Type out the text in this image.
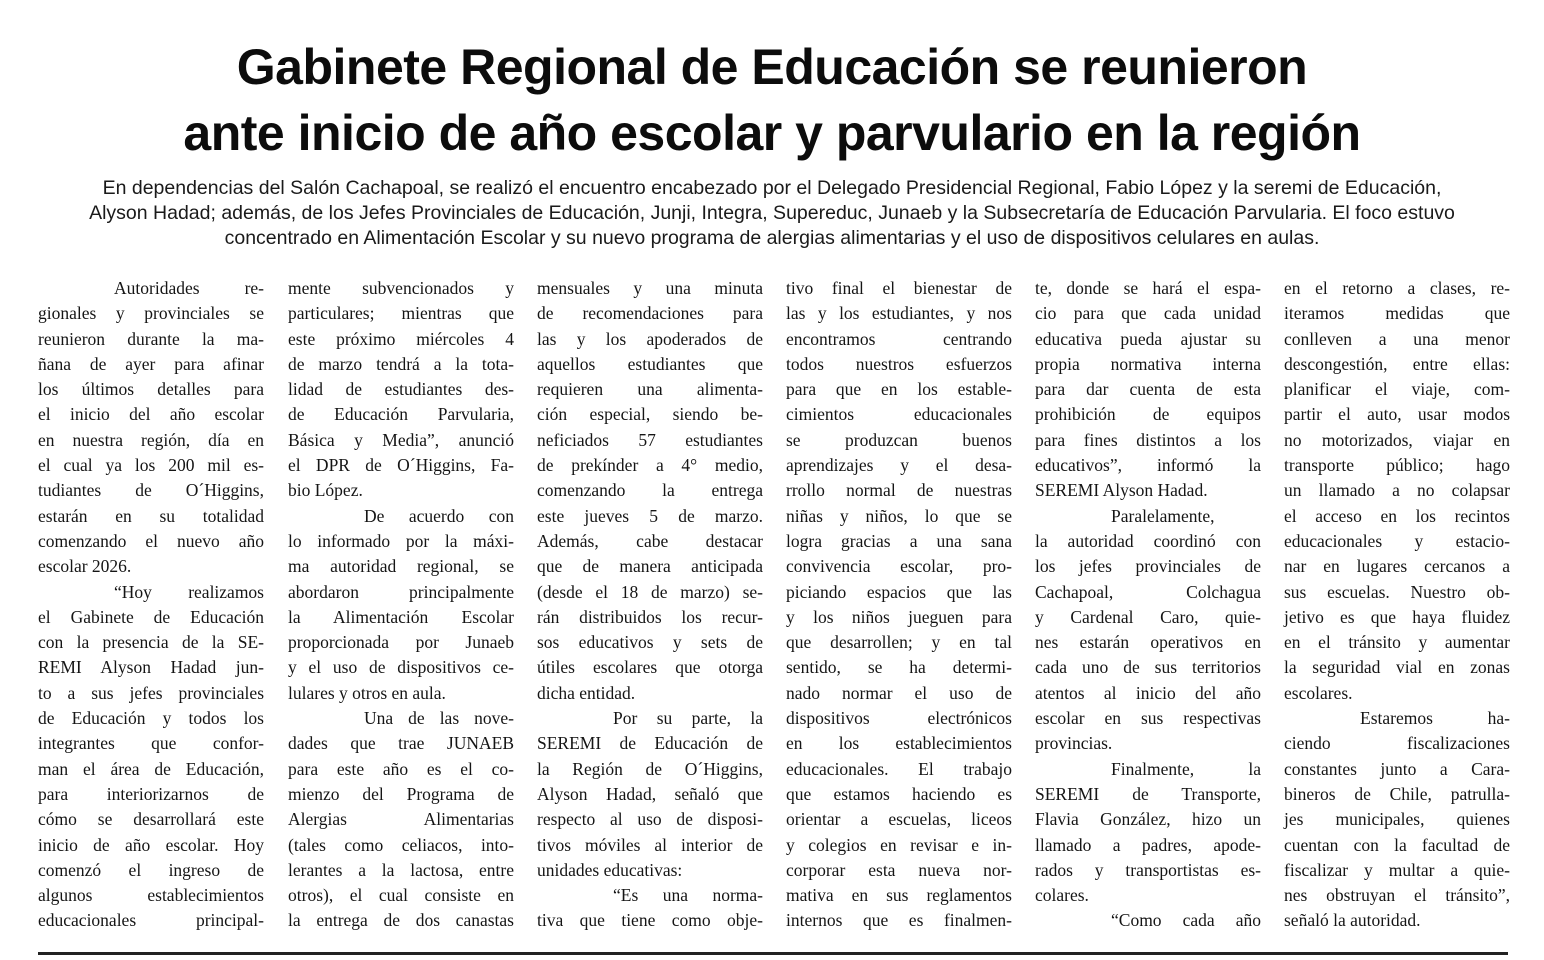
Gabinete Regional de Educación se reunieron
ante inicio de año escolar y parvulario en la región
En dependencias del Salón Cachapoal, se realizó el encuentro encabezado por el Delegado Presidencial Regional, Fabio López y la seremi de Educación,
Alyson Hadad; además, de los Jefes Provinciales de Educación, Junji, Integra, Supereduc, Junaeb y la Subsecretaría de Educación Parvularia. El foco estuvo
concentrado en Alimentación Escolar y su nuevo programa de alergias alimentarias y el uso de dispositivos celulares en aulas.
Autoridades re-
gionales y provinciales se
reunieron durante la ma-
ñana de ayer para afinar
los últimos detalles para
el inicio del año escolar
en nuestra región, día en
el cual ya los 200 mil es-
tudiantes de O´Higgins,
estarán en su totalidad
comenzando el nuevo año
escolar 2026.
“Hoy realizamos
el Gabinete de Educación
con la presencia de la SE-
REMI Alyson Hadad jun-
to a sus jefes provinciales
de Educación y todos los
integrantes que confor-
man el área de Educación,
para interiorizarnos de
cómo se desarrollará este
inicio de año escolar. Hoy
comenzó el ingreso de
algunos establecimientos
educacionales principal-
mente subvencionados y
particulares; mientras que
este próximo miércoles 4
de marzo tendrá a la tota-
lidad de estudiantes des-
de Educación Parvularia,
Básica y Media”, anunció
el DPR de O´Higgins, Fa-
bio López.
De acuerdo con
lo informado por la máxi-
ma autoridad regional, se
abordaron principalmente
la Alimentación Escolar
proporcionada por Junaeb
y el uso de dispositivos ce-
lulares y otros en aula.
Una de las nove-
dades que trae JUNAEB
para este año es el co-
mienzo del Programa de
Alergias Alimentarias
(tales como celiacos, into-
lerantes a la lactosa, entre
otros), el cual consiste en
la entrega de dos canastas
mensuales y una minuta
de recomendaciones para
las y los apoderados de
aquellos estudiantes que
requieren una alimenta-
ción especial, siendo be-
neficiados 57 estudiantes
de prekínder a 4° medio,
comenzando la entrega
este jueves 5 de marzo.
Además, cabe destacar
que de manera anticipada
(desde el 18 de marzo) se-
rán distribuidos los recur-
sos educativos y sets de
útiles escolares que otorga
dicha entidad.
Por su parte, la
SEREMI de Educación de
la Región de O´Higgins,
Alyson Hadad, señaló que
respecto al uso de disposi-
tivos móviles al interior de
unidades educativas:
“Es una norma-
tiva que tiene como obje-
tivo final el bienestar de
las y los estudiantes, y nos
encontramos centrando
todos nuestros esfuerzos
para que en los estable-
cimientos educacionales
se produzcan buenos
aprendizajes y el desa-
rrollo normal de nuestras
niñas y niños, lo que se
logra gracias a una sana
convivencia escolar, pro-
piciando espacios que las
y los niños jueguen para
que desarrollen; y en tal
sentido, se ha determi-
nado normar el uso de
dispositivos electrónicos
en los establecimientos
educacionales. El trabajo
que estamos haciendo es
orientar a escuelas, liceos
y colegios en revisar e in-
corporar esta nueva nor-
mativa en sus reglamentos
internos que es finalmen-
te, donde se hará el espa-
cio para que cada unidad
educativa pueda ajustar su
propia normativa interna
para dar cuenta de esta
prohibición de equipos
para fines distintos a los
educativos”, informó la
SEREMI Alyson Hadad.
Paralelamente,
la autoridad coordinó con
los jefes provinciales de
Cachapoal, Colchagua
y Cardenal Caro, quie-
nes estarán operativos en
cada uno de sus territorios
atentos al inicio del año
escolar en sus respectivas
provincias.
Finalmente, la
SEREMI de Transporte,
Flavia González, hizo un
llamado a padres, apode-
rados y transportistas es-
colares.
“Como cada año
en el retorno a clases, re-
iteramos medidas que
conlleven a una menor
descongestión, entre ellas:
planificar el viaje, com-
partir el auto, usar modos
no motorizados, viajar en
transporte público; hago
un llamado a no colapsar
el acceso en los recintos
educacionales y estacio-
nar en lugares cercanos a
sus escuelas. Nuestro ob-
jetivo es que haya fluidez
en el tránsito y aumentar
la seguridad vial en zonas
escolares.
Estaremos ha-
ciendo fiscalizaciones
constantes junto a Cara-
bineros de Chile, patrulla-
jes municipales, quienes
cuentan con la facultad de
fiscalizar y multar a quie-
nes obstruyan el tránsito”,
señaló la autoridad.
